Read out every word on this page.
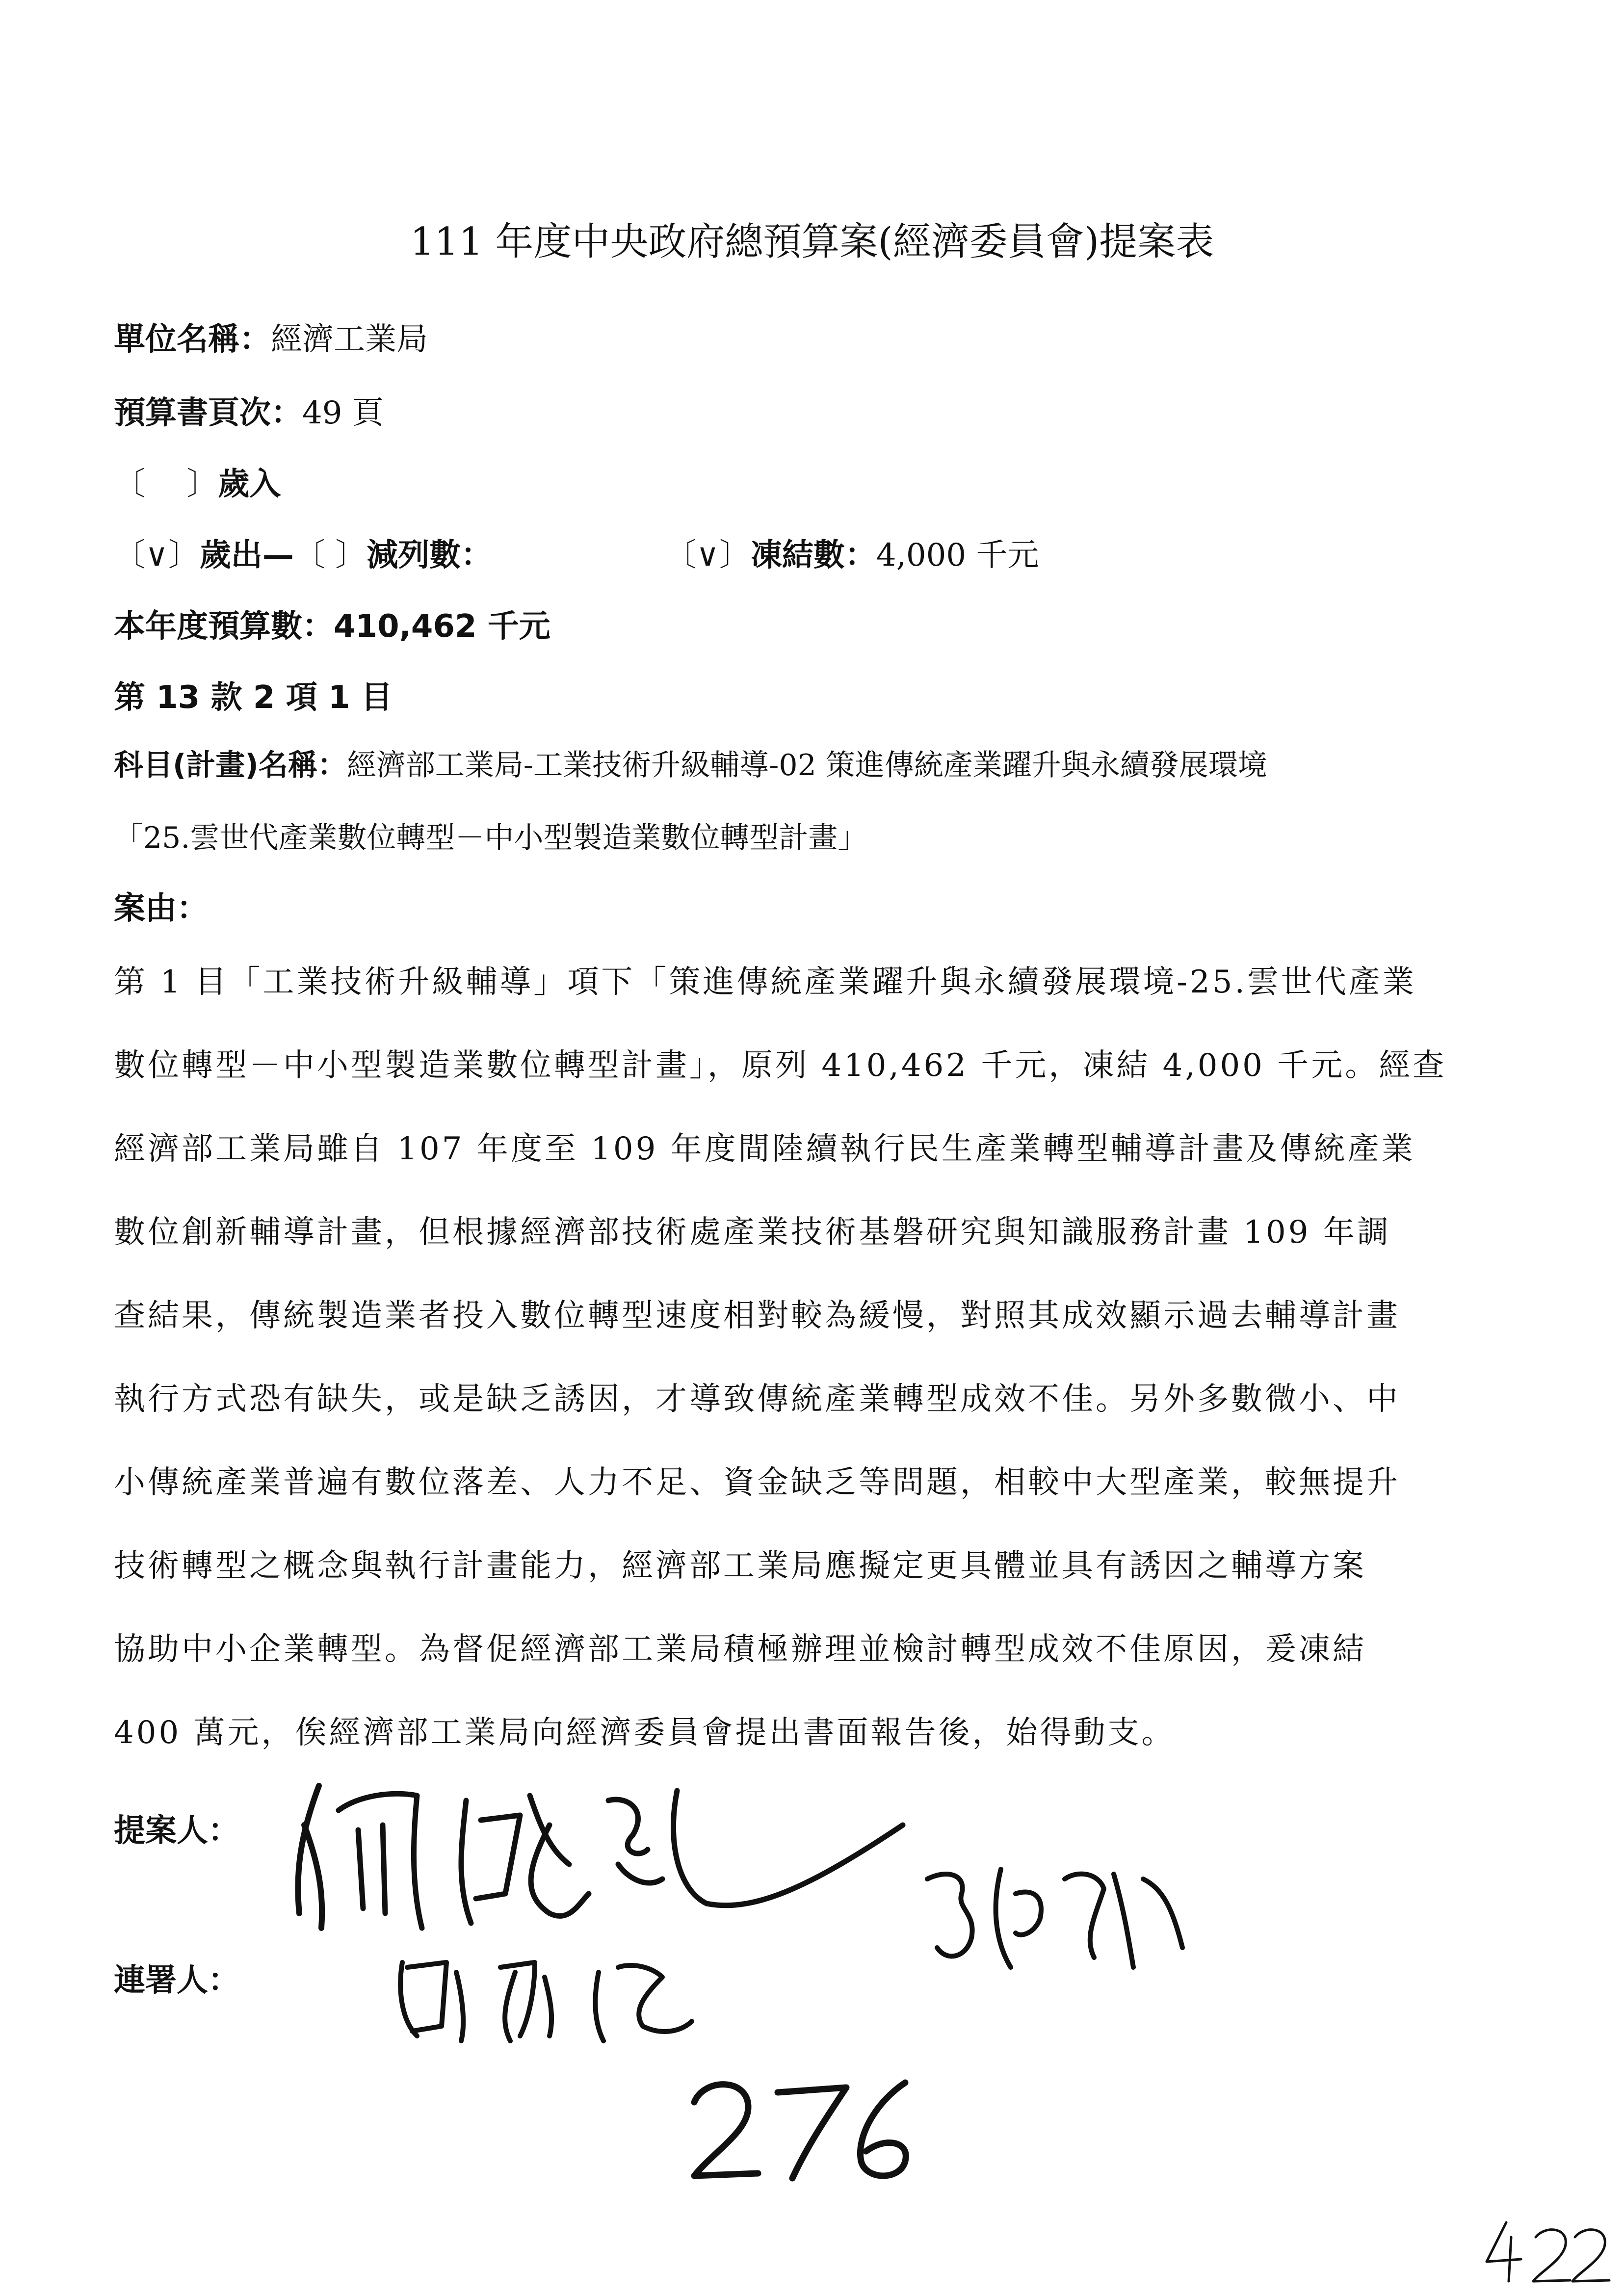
111 年度中央政府總預算案(經濟委員會)提案表
單位名稱：經濟工業局
預算書頁次：49 頁
〔　 〕歲入
〔∨〕歲出—〔 〕減列數：	〔∨〕凍結數：4,000 千元
本年度預算數：410,462 千元
第 13 款 2 項 1 目
科目(計畫)名稱：經濟部工業局-工業技術升級輔導-02 策進傳統產業躍升與永續發展環境
「25.雲世代產業數位轉型－中小型製造業數位轉型計畫」
案由：
第 1 目「工業技術升級輔導」項下「策進傳統產業躍升與永續發展環境-25.雲世代產業
數位轉型－中小型製造業數位轉型計畫」，原列 410,462 千元，凍結 4,000 千元。經查
經濟部工業局雖自 107 年度至 109 年度間陸續執行民生產業轉型輔導計畫及傳統產業
數位創新輔導計畫，但根據經濟部技術處產業技術基磐研究與知識服務計畫 109 年調
查結果，傳統製造業者投入數位轉型速度相對較為緩慢，對照其成效顯示過去輔導計畫
執行方式恐有缺失，或是缺乏誘因，才導致傳統產業轉型成效不佳。另外多數微小、中
小傳統產業普遍有數位落差、人力不足、資金缺乏等問題，相較中大型產業，較無提升
技術轉型之概念與執行計畫能力，經濟部工業局應擬定更具體並具有誘因之輔導方案
協助中小企業轉型。為督促經濟部工業局積極辦理並檢討轉型成效不佳原因，爰凍結
400 萬元，俟經濟部工業局向經濟委員會提出書面報告後，始得動支。
提案人：
連署人：
